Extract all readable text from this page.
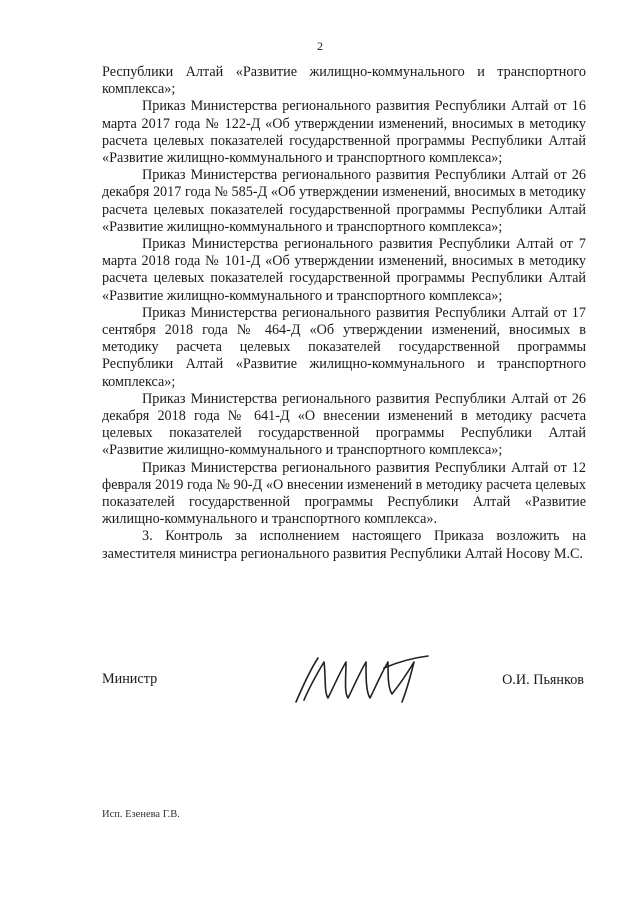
2

Республики Алтай «Развитие жилищно-коммунального и транспортного комплекса»;

Приказ Министерства регионального развития Республики Алтай от 16 марта 2017 года № 122-Д «Об утверждении изменений, вносимых в методику расчета целевых показателей государственной программы Республики Алтай «Развитие жилищно-коммунального и транспортного комплекса»;

Приказ Министерства регионального развития Республики Алтай от 26 декабря 2017 года № 585-Д «Об утверждении изменений, вносимых в методику расчета целевых показателей государственной программы Республики Алтай «Развитие жилищно-коммунального и транспортного комплекса»;

Приказ Министерства регионального развития Республики Алтай от 7 марта 2018 года № 101-Д «Об утверждении изменений, вносимых в методику расчета целевых показателей государственной программы Республики Алтай «Развитие жилищно-коммунального и транспортного комплекса»;

Приказ Министерства регионального развития Республики Алтай от 17 сентября 2018 года № 464-Д «Об утверждении изменений, вносимых в методику расчета целевых показателей государственной программы Республики Алтай «Развитие жилищно-коммунального и транспортного комплекса»;

Приказ Министерства регионального развития Республики Алтай от 26 декабря 2018 года № 641-Д «О внесении изменений в методику расчета целевых показателей государственной программы Республики Алтай «Развитие жилищно-коммунального и транспортного комплекса»;

Приказ Министерства регионального развития Республики Алтай от 12 февраля 2019 года № 90-Д «О внесении изменений в методику расчета целевых показателей государственной программы Республики Алтай «Развитие жилищно-коммунального и транспортного комплекса».

3. Контроль за исполнением настоящего Приказа возложить на заместителя министра регионального развития Республики Алтай Носову М.С.

Министр	О.И. Пьянков
Исп. Езенева Г.В.
